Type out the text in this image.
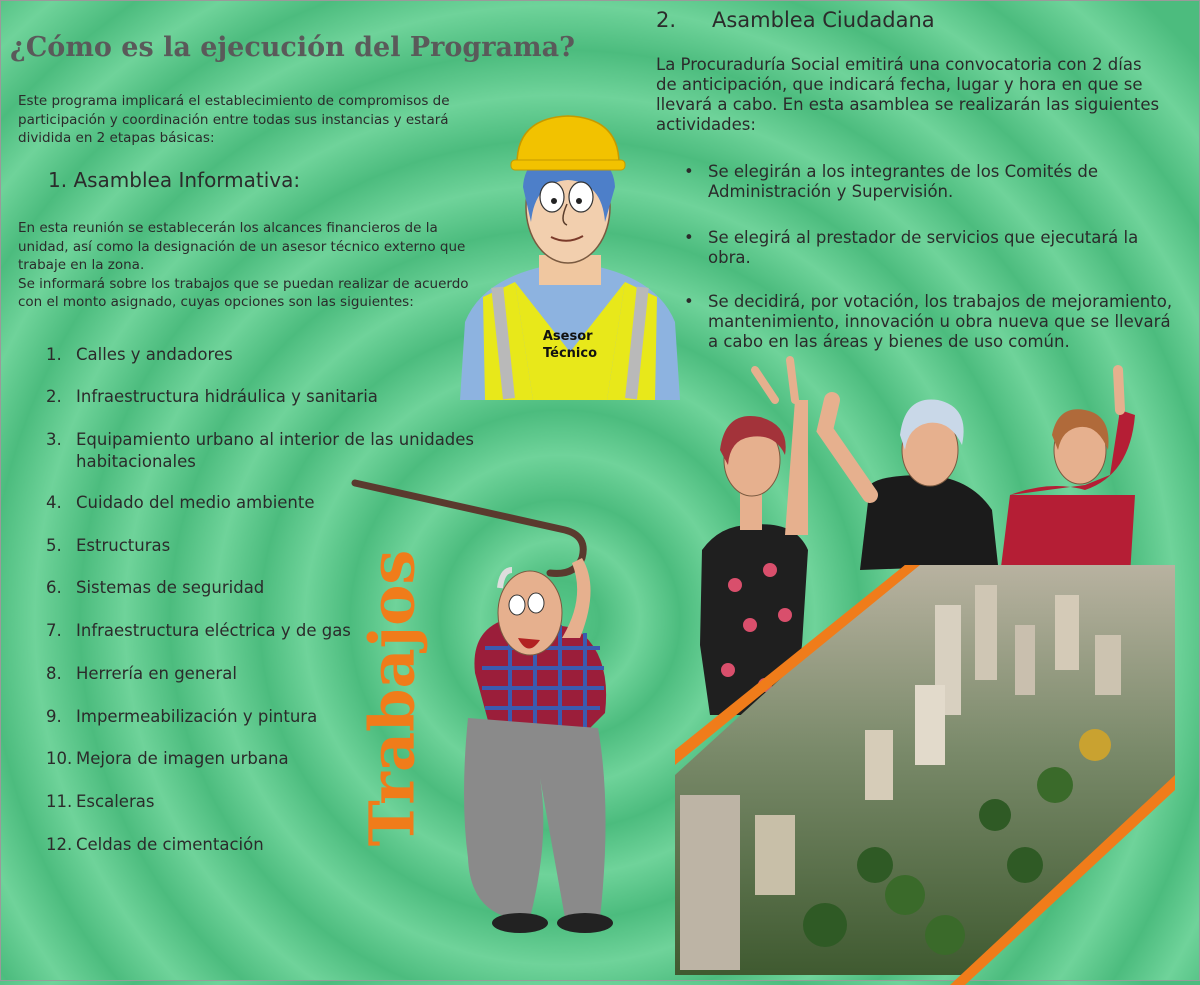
¿Cómo es la ejecución del Programa?

Este programa implicará el establecimiento de compromisos de participación y coordinación entre todas sus instancias y estará dividida en 2 etapas básicas:

1. Asamblea Informativa:
En esta reunión se establecerán los alcances financieros de la unidad, así como la designación de un asesor técnico externo que trabaje en la zona.
Se informará sobre los trabajos que se puedan realizar de acuerdo con el monto asignado, cuyas opciones son las siguientes:
1. Calles y andadores
2. Infraestructura hidráulica y sanitaria
3. Equipamiento urbano al interior de las unidades habitacionales
4. Cuidado del medio ambiente
5. Estructuras
6. Sistemas de seguridad
7. Infraestructura eléctrica y de gas
8. Herrería en general
9. Impermeabilización y pintura
10. Mejora de imagen urbana
11. Escaleras
12. Celdas de cimentación
2. Asamblea Ciudadana

La Procuraduría Social emitirá una convocatoria con 2 días de anticipación, que indicará fecha, lugar y hora en que se llevará a cabo. En esta asamblea se realizarán las siguientes actividades:

• Se elegirán a los integrantes de los Comités de Administración y Supervisión.
• Se elegirá al prestador de servicios que ejecutará la obra.
• Se decidirá, por votación, los trabajos de mejoramiento, mantenimiento, innovación u obra nueva que se llevará a cabo en las áreas y bienes de uso común.
Asesor Técnico
Trabajos
